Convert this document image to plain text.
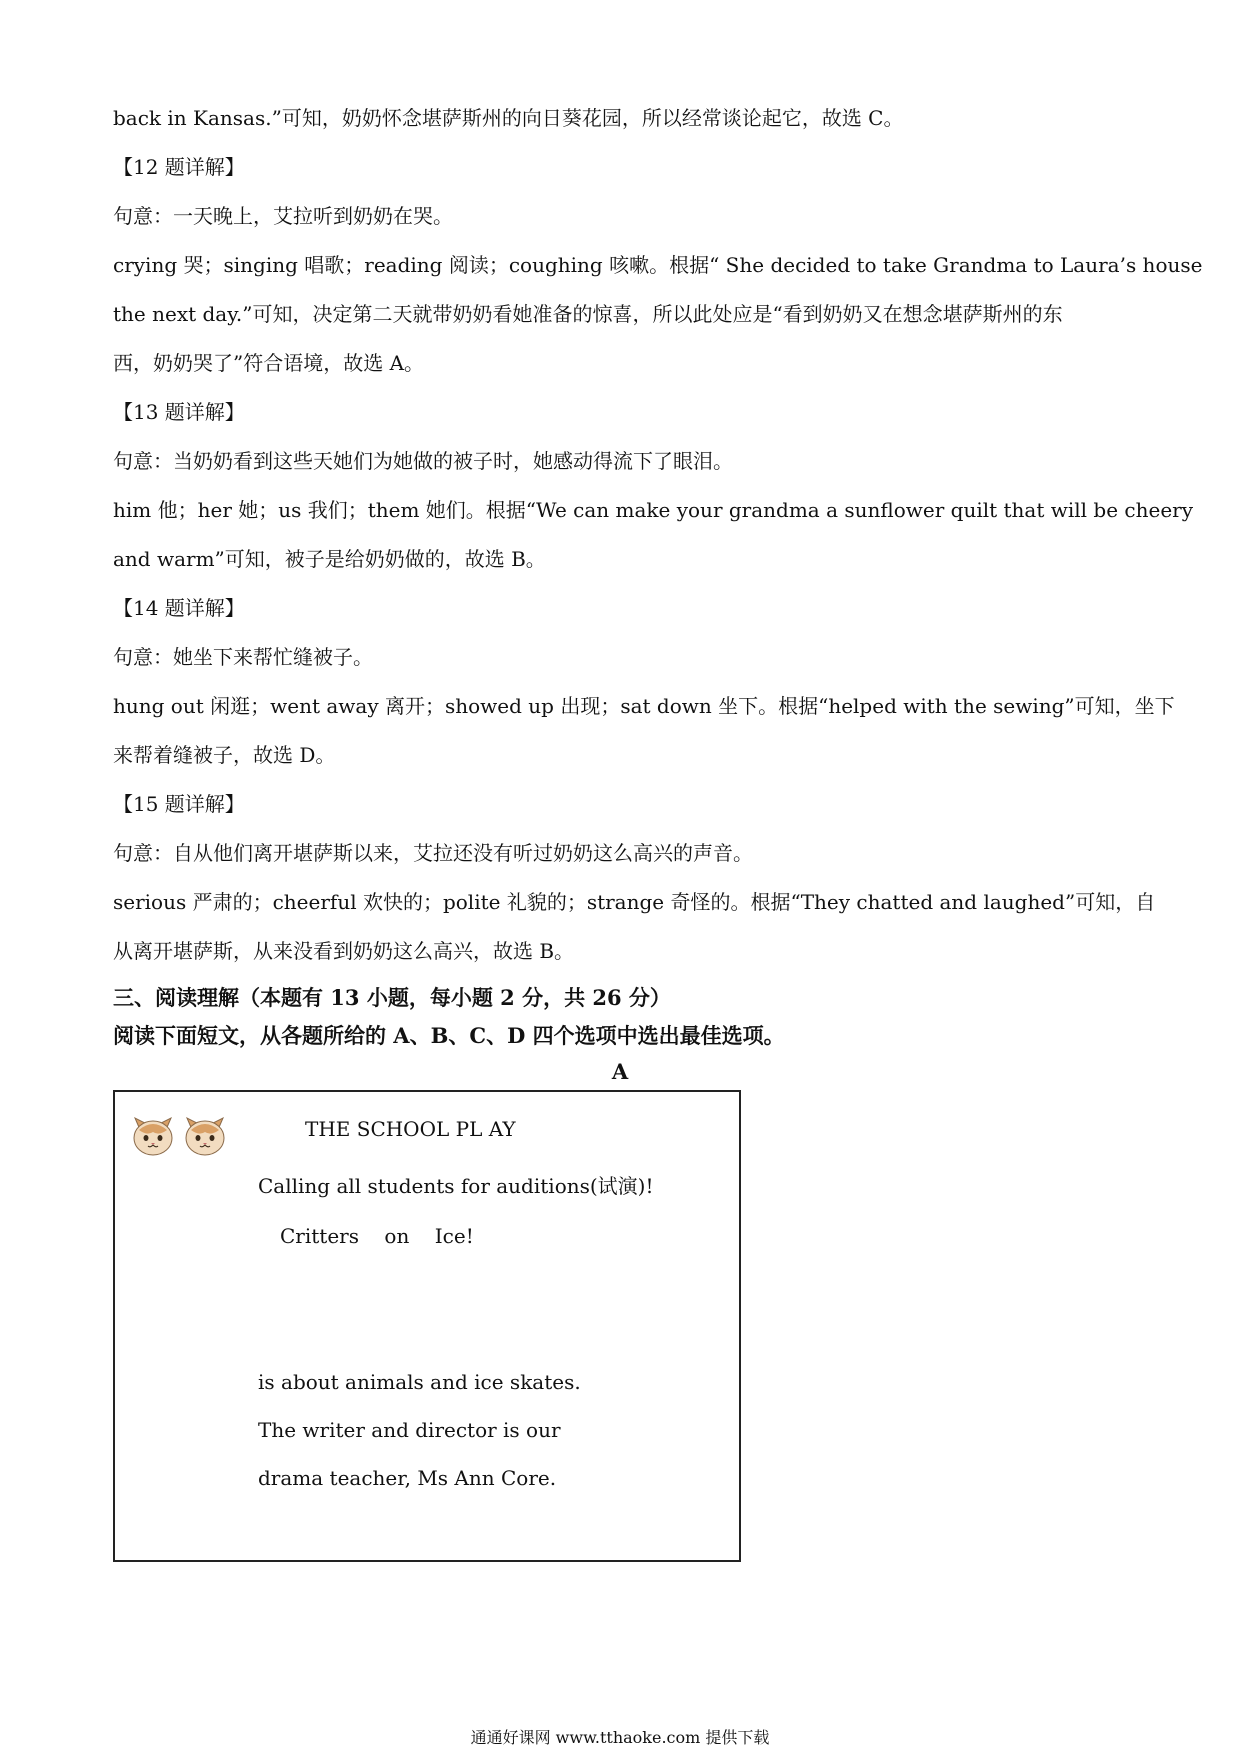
back in Kansas.”可知，奶奶怀念堪萨斯州的向日葵花园，所以经常谈论起它，故选 C。

【12 题详解】

句意：一天晚上，艾拉听到奶奶在哭。

crying 哭；singing 唱歌；reading 阅读；coughing 咳嗽。根据“ She decided to take Grandma to Laura’s house

the next day.”可知，决定第二天就带奶奶看她准备的惊喜，所以此处应是“看到奶奶又在想念堪萨斯州的东

西，奶奶哭了”符合语境，故选 A。

【13 题详解】

句意：当奶奶看到这些天她们为她做的被子时，她感动得流下了眼泪。

him 他；her 她；us 我们；them 她们。根据“We can make your grandma a sunflower quilt that will be cheery

and warm”可知，被子是给奶奶做的，故选 B。

【14 题详解】

句意：她坐下来帮忙缝被子。

hung out 闲逛；went away 离开；showed up 出现；sat down 坐下。根据“helped with the sewing”可知，坐下

来帮着缝被子，故选 D。

【15 题详解】

句意：自从他们离开堪萨斯以来，艾拉还没有听过奶奶这么高兴的声音。

serious 严肃的；cheerful 欢快的；polite 礼貌的；strange 奇怪的。根据“They chatted and laughed”可知，自

从离开堪萨斯，从来没看到奶奶这么高兴，故选 B。

三、阅读理解（本题有 13 小题，每小题 2 分，共 26 分）

阅读下面短文，从各题所给的 A、B、C、D 四个选项中选出最佳选项。

A

THE SCHOOL PL AY

Calling all students for auditions(试演)!

Critters    on    Ice!

is about animals and ice skates.

The writer and director is our

drama teacher, Ms Ann Core.

通通好课网 www.tthaoke.com 提供下载
